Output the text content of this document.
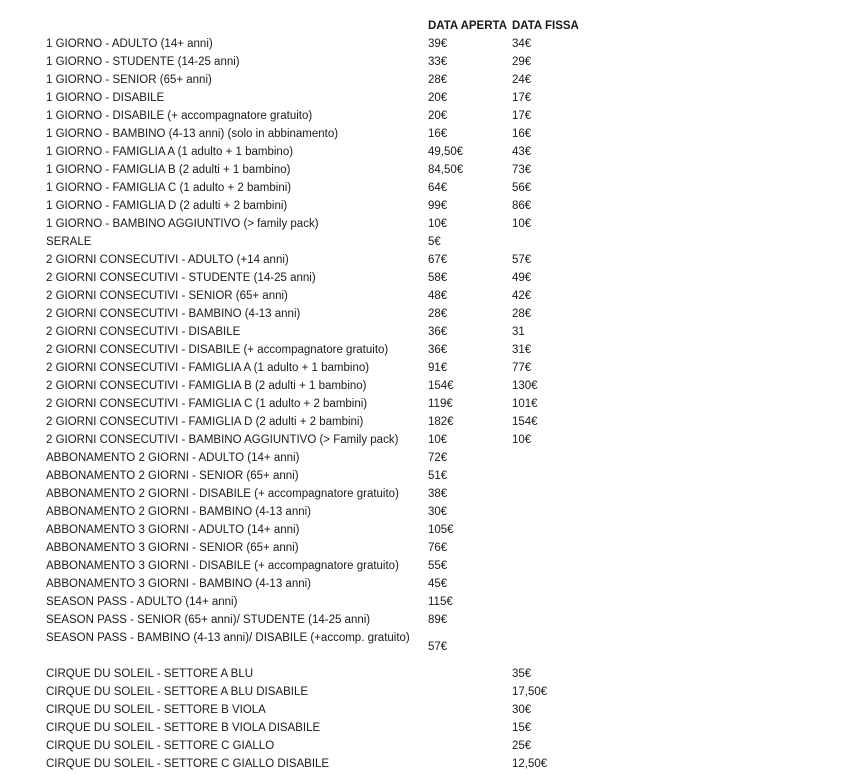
	DATA APERTA	DATA FISSA
1 GIORNO - ADULTO (14+ anni)	39€	34€
1 GIORNO - STUDENTE (14-25 anni)	33€	29€
1 GIORNO - SENIOR (65+ anni)	28€	24€
1 GIORNO - DISABILE	20€	17€
1 GIORNO - DISABILE (+ accompagnatore gratuito)	20€	17€
1 GIORNO - BAMBINO (4-13 anni) (solo in abbinamento)	16€	16€
1 GIORNO - FAMIGLIA A (1 adulto + 1 bambino)	49,50€	43€
1 GIORNO - FAMIGLIA B (2 adulti + 1 bambino)	84,50€	73€
1 GIORNO - FAMIGLIA C (1 adulto + 2 bambini)	64€	56€
1 GIORNO - FAMIGLIA D (2 adulti + 2 bambini)	99€	86€
1 GIORNO - BAMBINO AGGIUNTIVO (> family pack)	10€	10€
SERALE	5€	
2 GIORNI CONSECUTIVI - ADULTO (+14 anni)	67€	57€
2 GIORNI CONSECUTIVI - STUDENTE (14-25 anni)	58€	49€
2 GIORNI CONSECUTIVI - SENIOR (65+ anni)	48€	42€
2 GIORNI CONSECUTIVI - BAMBINO (4-13 anni)	28€	28€
2 GIORNI CONSECUTIVI - DISABILE	36€	31
2 GIORNI CONSECUTIVI - DISABILE (+ accompagnatore gratuito)	36€	31€
2 GIORNI CONSECUTIVI - FAMIGLIA A (1 adulto + 1 bambino)	91€	77€
2 GIORNI CONSECUTIVI - FAMIGLIA B (2 adulti + 1 bambino)	154€	130€
2 GIORNI CONSECUTIVI - FAMIGLIA C (1 adulto + 2 bambini)	119€	101€
2 GIORNI CONSECUTIVI - FAMIGLIA D (2 adulti + 2 bambini)	182€	154€
2 GIORNI CONSECUTIVI - BAMBINO AGGIUNTIVO (> Family pack)	10€	10€
ABBONAMENTO 2 GIORNI - ADULTO (14+ anni)	72€	
ABBONAMENTO 2 GIORNI - SENIOR (65+ anni)	51€	
ABBONAMENTO 2 GIORNI - DISABILE (+ accompagnatore gratuito)	38€	
ABBONAMENTO 2 GIORNI - BAMBINO (4-13 anni)	30€	
ABBONAMENTO 3 GIORNI - ADULTO (14+ anni)	105€	
ABBONAMENTO 3 GIORNI - SENIOR (65+ anni)	76€	
ABBONAMENTO 3 GIORNI - DISABILE (+ accompagnatore gratuito)	55€	
ABBONAMENTO 3 GIORNI - BAMBINO (4-13 anni)	45€	
SEASON PASS - ADULTO (14+ anni)	115€	
SEASON PASS - SENIOR (65+ anni)/ STUDENTE (14-25 anni)	89€	
SEASON PASS - BAMBINO (4-13 anni)/ DISABILE (+accomp. gratuito)	57€	

CIRQUE DU SOLEIL - SETTORE A BLU		35€
CIRQUE DU SOLEIL - SETTORE A BLU DISABILE		17,50€
CIRQUE DU SOLEIL - SETTORE B VIOLA		30€
CIRQUE DU SOLEIL - SETTORE B VIOLA DISABILE		15€
CIRQUE DU SOLEIL - SETTORE C GIALLO		25€
CIRQUE DU SOLEIL - SETTORE C GIALLO DISABILE		12,50€
